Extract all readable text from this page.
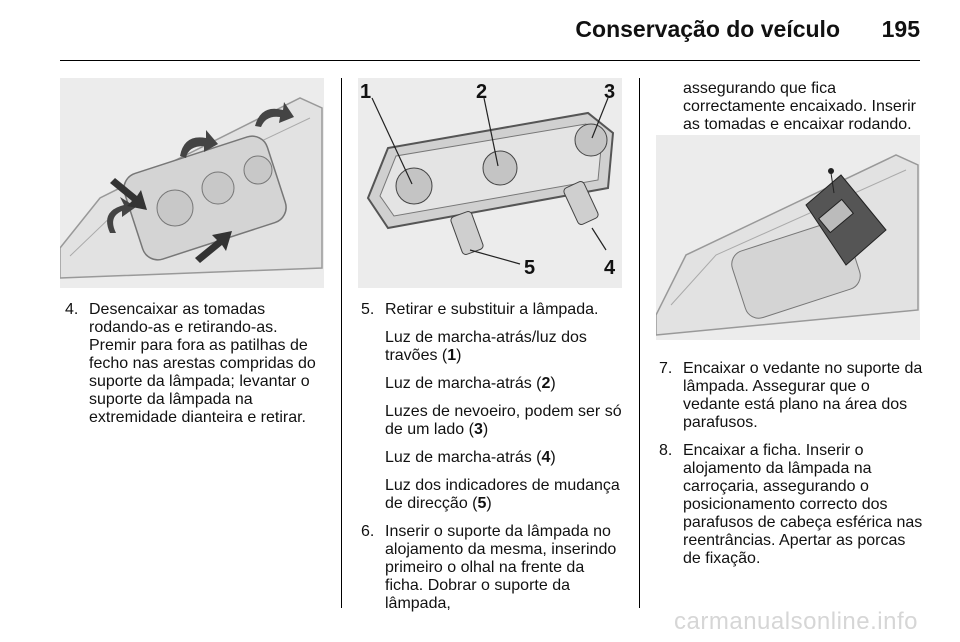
Conservação do veículo 195
1	2	3
4
5
4. Desencaixar as tomadas rodando-as e retirando-as. Premir para fora as patilhas de fecho nas arestas compridas do suporte da lâmpada; levantar o suporte da lâmpada na extremidade dianteira e retirar.
5. Retirar e substituir a lâmpada.
Luz de marcha-atrás/luz dos travões (1)
Luz de marcha-atrás (2)
Luzes de nevoeiro, podem ser só de um lado (3)
Luz de marcha-atrás (4)
Luz dos indicadores de mudança de direcção (5)
6. Inserir o suporte da lâmpada no alojamento da mesma, inserindo primeiro o olhal na frente da ficha. Dobrar o suporte da lâmpada,
assegurando que fica correctamente encaixado. Inserir as tomadas e encaixar rodando.
7. Encaixar o vedante no suporte da lâmpada. Assegurar que o vedante está plano na área dos parafusos.
8. Encaixar a ficha. Inserir o alojamento da lâmpada na carroçaria, assegurando o posicionamento correcto dos parafusos de cabeça esférica nas reentrâncias. Apertar as porcas de fixação.
carmanualsonline.info
